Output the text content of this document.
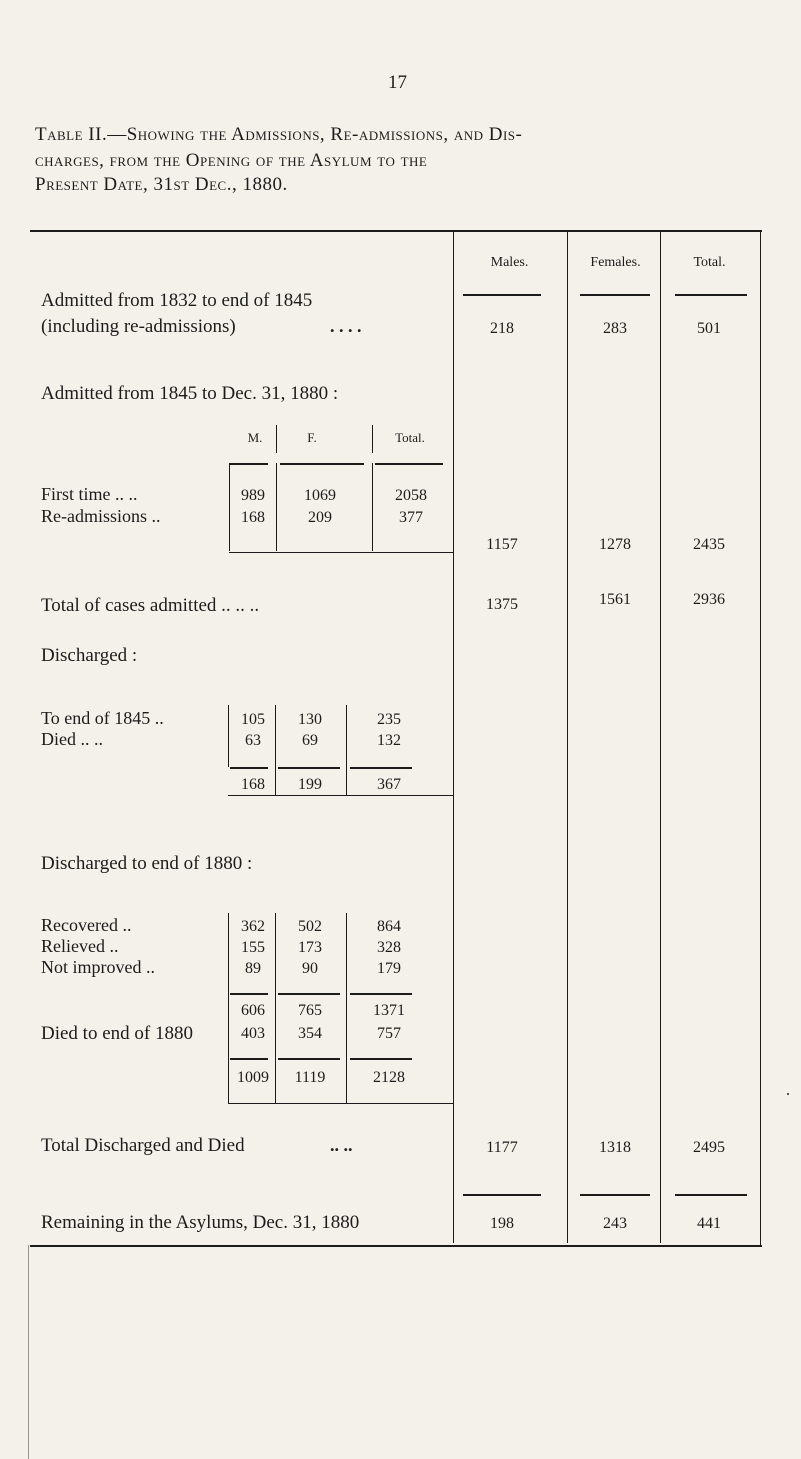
17
Table II.—Showing the Admissions, Re-admissions, and Dis-
charges, from the Opening of the Asylum to the
Present Date, 31st Dec., 1880.
Males.	Females.	Total.
Admitted from 1832 to end of 1845
(including re-admissions)	. . . .	218	283	501
Admitted from 1845 to Dec. 31, 1880 :
M.	F.	Total.
First time .. ..	989	1069	2058
Re-admissions ..	168	209	377
1157	1278	2435
Total of cases admitted .. .. ..	1375	1561	2936
Discharged :
To end of 1845 ..	105	130	235
Died .. ..	63	69	132
168	199	367
Discharged to end of 1880 :
Recovered ..	362	502	864
Relieved ..	155	173	328
Not improved ..	89	90	179
606	765	1371
Died to end of 1880	403	354	757
1009	1119	2128
Total Discharged and Died	.. ..	1177	1318	2495
Remaining in the Asylums, Dec. 31, 1880	198	243	441
